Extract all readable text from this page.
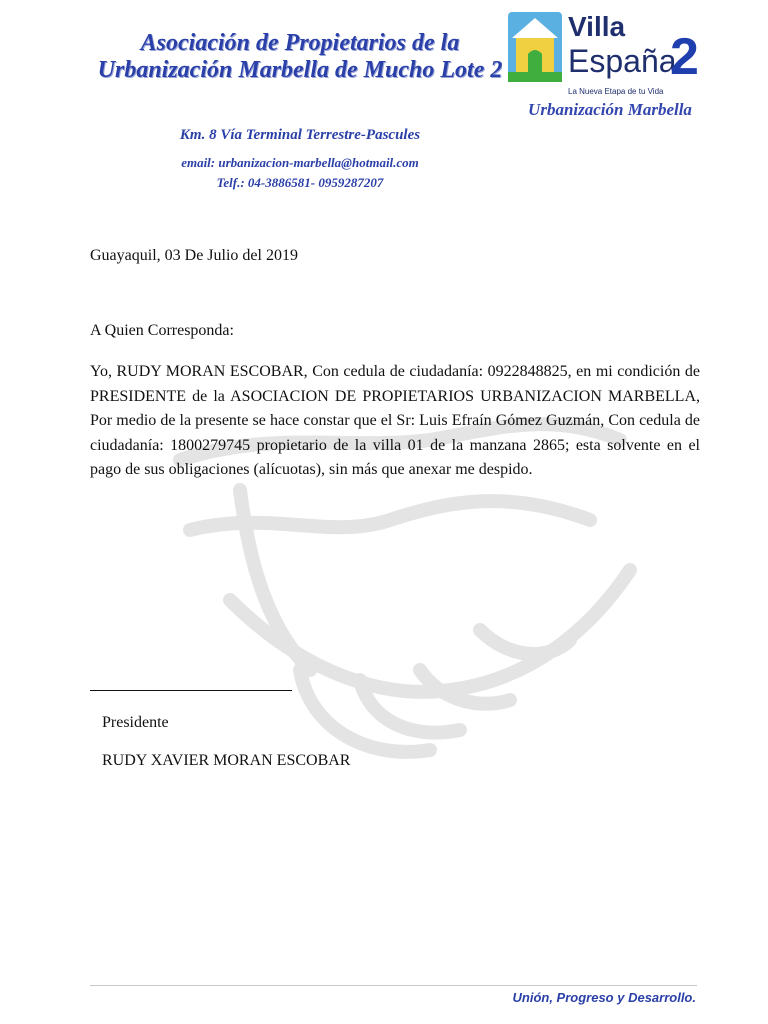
Asociación de Propietarios de la
Urbanización Marbella de Mucho Lote 2
Km. 8 Vía Terminal Terrestre-Pascules
email: urbanizacion-marbella@hotmail.com
Telf.: 04-3886581- 0959287207
Villa
España
2
La Nueva Etapa de tu Vida
Urbanización Marbella
Guayaquil, 03 De Julio del 2019
A Quien Corresponda:
Yo, RUDY MORAN ESCOBAR, Con cedula de ciudadanía: 0922848825, en mi condición de PRESIDENTE de la ASOCIACION DE PROPIETARIOS URBANIZACION MARBELLA, Por medio de la presente se hace constar que el Sr: Luis Efraín Gómez Guzmán, Con cedula de ciudadanía: 1800279745 propietario de la villa 01 de la manzana 2865; esta solvente en el pago de sus obligaciones (alícuotas), sin más que anexar me despido.
Presidente
RUDY XAVIER MORAN ESCOBAR
Unión, Progreso y Desarrollo.
